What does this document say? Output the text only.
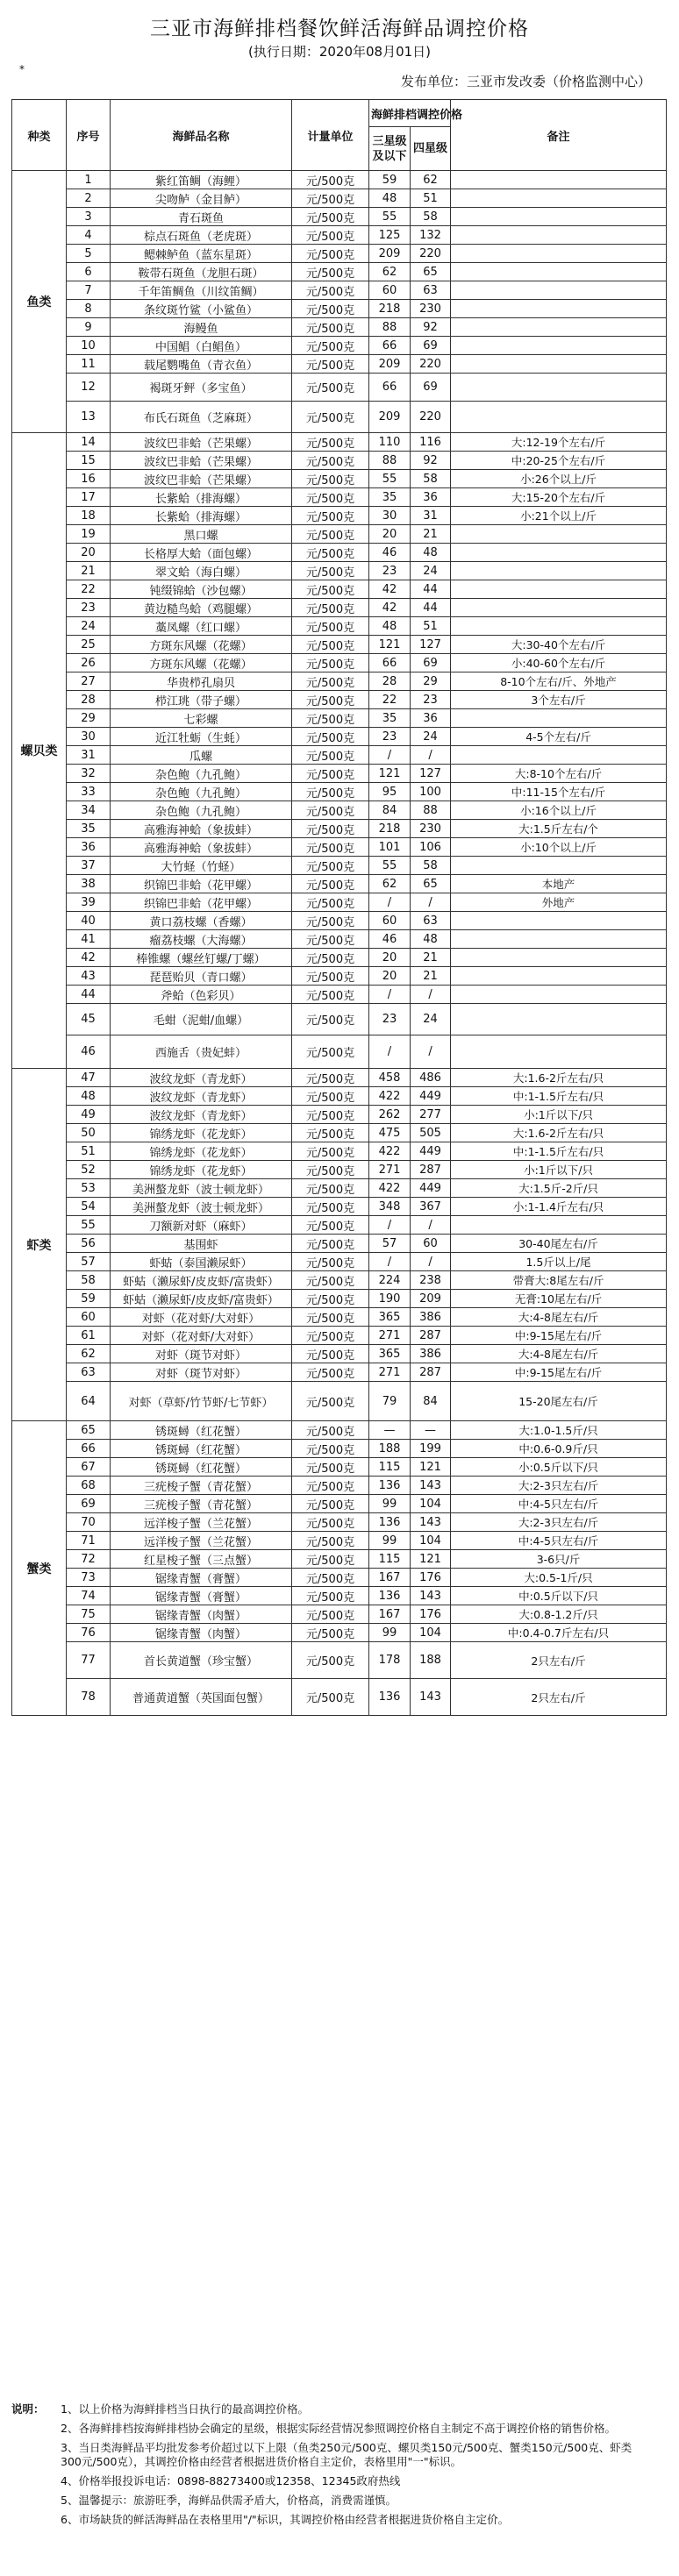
三亚市海鲜排档餐饮鲜活海鲜品调控价格
(执行日期：2020年08月01日)
*
发布单位：三亚市发改委（价格监测中心）
种类	序号	海鲜品名称	计量单位	海鲜排档调控价格		备注
				三星级及以下	四星级	
鱼类	1	紫红笛鲷（海鲤）	元/500克	59	62	
	2	尖吻鲈（金目鲈）	元/500克	48	51	
	3	青石斑鱼	元/500克	55	58	
	4	棕点石斑鱼（老虎斑）	元/500克	125	132	
	5	鳃棘鲈鱼（蓝东星斑）	元/500克	209	220	
	6	鞍带石斑鱼（龙胆石斑）	元/500克	62	65	
	7	千年笛鲷鱼（川纹笛鲷）	元/500克	60	63	
	8	条纹斑竹鲨（小鲨鱼）	元/500克	218	230	
	9	海鳗鱼	元/500克	88	92	
	10	中国鲳（白鲳鱼）	元/500克	66	69	
	11	载尾鹦嘴鱼（青衣鱼）	元/500克	209	220	
	12	褐斑牙鲆（多宝鱼）	元/500克	66	69	
	13	布氏石斑鱼（芝麻斑）	元/500克	209	220	
螺贝类	14	波纹巴非蛤（芒果螺）	元/500克	110	116	大:12-19个左右/斤
	15	波纹巴非蛤（芒果螺）	元/500克	88	92	中:20-25个左右/斤
	16	波纹巴非蛤（芒果螺）	元/500克	55	58	小:26个以上/斤
	17	长紫蛤（排海螺）	元/500克	35	36	大:15-20个左右/斤
	18	长紫蛤（排海螺）	元/500克	30	31	小:21个以上/斤
	19	黑口螺	元/500克	20	21	
	20	长格厚大蛤（面包螺）	元/500克	46	48	
	21	翠文蛤（海白螺）	元/500克	23	24	
	22	钝缀锦蛤（沙包螺）	元/500克	42	44	
	23	黄边糙鸟蛤（鸡腿螺）	元/500克	42	44	
	24	藁凤螺（红口螺）	元/500克	48	51	
	25	方斑东风螺（花螺）	元/500克	121	127	大:30-40个左右/斤
	26	方斑东风螺（花螺）	元/500克	66	69	小:40-60个左右/斤
	27	华贵栉孔扇贝	元/500克	28	29	8-10个左右/斤、外地产
	28	栉江珧（带子螺）	元/500克	22	23	3个左右/斤
	29	七彩螺	元/500克	35	36	
	30	近江牡蛎（生蚝）	元/500克	23	24	4-5个左右/斤
	31	瓜螺	元/500克	/	/	
	32	杂色鲍（九孔鲍）	元/500克	121	127	大:8-10个左右/斤
	33	杂色鲍（九孔鲍）	元/500克	95	100	中:11-15个左右/斤
	34	杂色鲍（九孔鲍）	元/500克	84	88	小:16个以上/斤
	35	高雅海神蛤（象拔蚌）	元/500克	218	230	大:1.5斤左右/个
	36	高雅海神蛤（象拔蚌）	元/500克	101	106	小:10个以上/斤
	37	大竹蛏（竹蛏）	元/500克	55	58	
	38	织锦巴非蛤（花甲螺）	元/500克	62	65	本地产
	39	织锦巴非蛤（花甲螺）	元/500克	/	/	外地产
	40	黄口荔枝螺（香螺）	元/500克	60	63	
	41	瘤荔枝螺（大海螺）	元/500克	46	48	
	42	棒锥螺（螺丝钉螺/丁螺）	元/500克	20	21	
	43	琵琶贻贝（青口螺）	元/500克	20	21	
	44	斧蛤（色彩贝）	元/500克	/	/	
	45	毛蚶（泥蚶/血螺）	元/500克	23	24	
	46	西施舌（贵妃蚌）	元/500克	/	/	
虾类	47	波纹龙虾（青龙虾）	元/500克	458	486	大:1.6-2斤左右/只
	48	波纹龙虾（青龙虾）	元/500克	422	449	中:1-1.5斤左右/只
	49	波纹龙虾（青龙虾）	元/500克	262	277	小:1斤以下/只
	50	锦绣龙虾（花龙虾）	元/500克	475	505	大:1.6-2斤左右/只
	51	锦绣龙虾（花龙虾）	元/500克	422	449	中:1-1.5斤左右/只
	52	锦绣龙虾（花龙虾）	元/500克	271	287	小:1斤以下/只
	53	美洲螯龙虾（波士顿龙虾）	元/500克	422	449	大:1.5斤-2斤/只
	54	美洲螯龙虾（波士顿龙虾）	元/500克	348	367	小:1-1.4斤左右/只
	55	刀额新对虾（麻虾）	元/500克	/	/	
	56	基围虾	元/500克	57	60	30-40尾左右/斤
	57	虾蛄（泰国濑尿虾）	元/500克	/	/	1.5斤以上/尾
	58	虾蛄（濑尿虾/皮皮虾/富贵虾）	元/500克	224	238	带膏大:8尾左右/斤
	59	虾蛄（濑尿虾/皮皮虾/富贵虾）	元/500克	190	209	无膏:10尾左右/斤
	60	对虾（花对虾/大对虾）	元/500克	365	386	大:4-8尾左右/斤
	61	对虾（花对虾/大对虾）	元/500克	271	287	中:9-15尾左右/斤
	62	对虾（斑节对虾）	元/500克	365	386	大:4-8尾左右/斤
	63	对虾（斑节对虾）	元/500克	271	287	中:9-15尾左右/斤
	64	对虾（草虾/竹节虾/七节虾）	元/500克	79	84	15-20尾左右/斤
蟹类	65	锈斑蟳（红花蟹）	元/500克	—	—	大:1.0-1.5斤/只
	66	锈斑蟳（红花蟹）	元/500克	188	199	中:0.6-0.9斤/只
	67	锈斑蟳（红花蟹）	元/500克	115	121	小:0.5斤以下/只
	68	三疣梭子蟹（青花蟹）	元/500克	136	143	大:2-3只左右/斤
	69	三疣梭子蟹（青花蟹）	元/500克	99	104	中:4-5只左右/斤
	70	远洋梭子蟹（兰花蟹）	元/500克	136	143	大:2-3只左右/斤
	71	远洋梭子蟹（兰花蟹）	元/500克	99	104	中:4-5只左右/斤
	72	红星梭子蟹（三点蟹）	元/500克	115	121	3-6只/斤
	73	锯缘青蟹（膏蟹）	元/500克	167	176	大:0.5-1斤/只
	74	锯缘青蟹（膏蟹）	元/500克	136	143	中:0.5斤以下/只
	75	锯缘青蟹（肉蟹）	元/500克	167	176	大:0.8-1.2斤/只
	76	锯缘青蟹（肉蟹）	元/500克	99	104	中:0.4-0.7斤左右/只
	77	首长黄道蟹（珍宝蟹）	元/500克	178	188	2只左右/斤
	78	普通黄道蟹（英国面包蟹）	元/500克	136	143	2只左右/斤
说明：	1、以上价格为海鲜排档当日执行的最高调控价格。
2、各海鲜排档按海鲜排档协会确定的星级，根据实际经营情况参照调控价格自主制定不高于调控价格的销售价格。
3、当日类海鲜品平均批发参考价超过以下上限（鱼类250元/500克、螺贝类150元/500克、蟹类150元/500克、虾类300元/500克），其调控价格由经营者根据进货价格自主定价，表格里用"一"标识。
4、价格举报投诉电话：0898-88273400或12358、12345政府热线
5、温馨提示：旅游旺季，海鲜品供需矛盾大，价格高，消费需谨慎。
6、市场缺货的鲜活海鲜品在表格里用"/"标识，其调控价格由经营者根据进货价格自主定价。
